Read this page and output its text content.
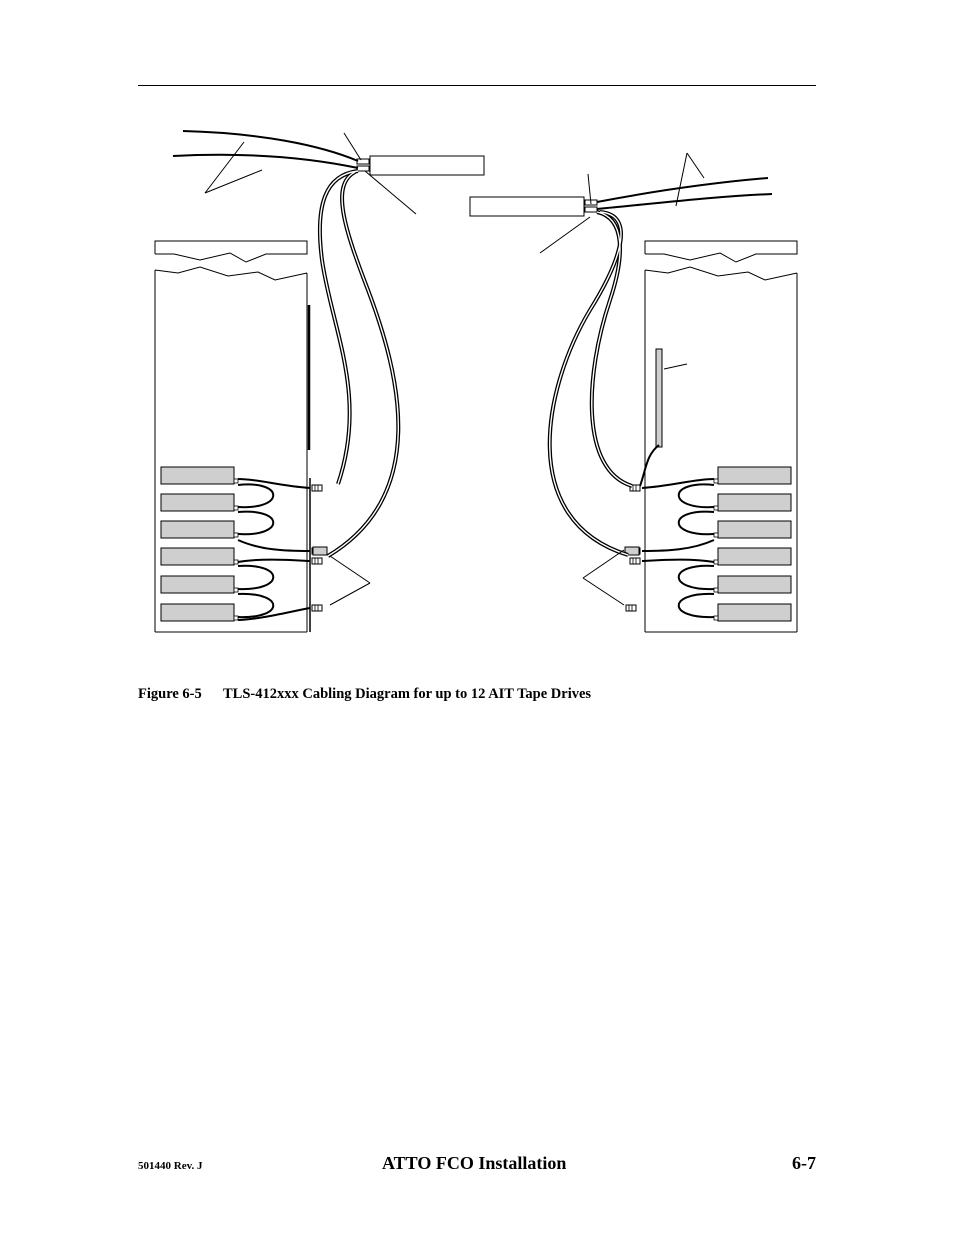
Figure 6-5 TLS-412xxx Cabling Diagram for up to 12 AIT Tape Drives
501440 Rev. J	ATTO FCO Installation	6-7
